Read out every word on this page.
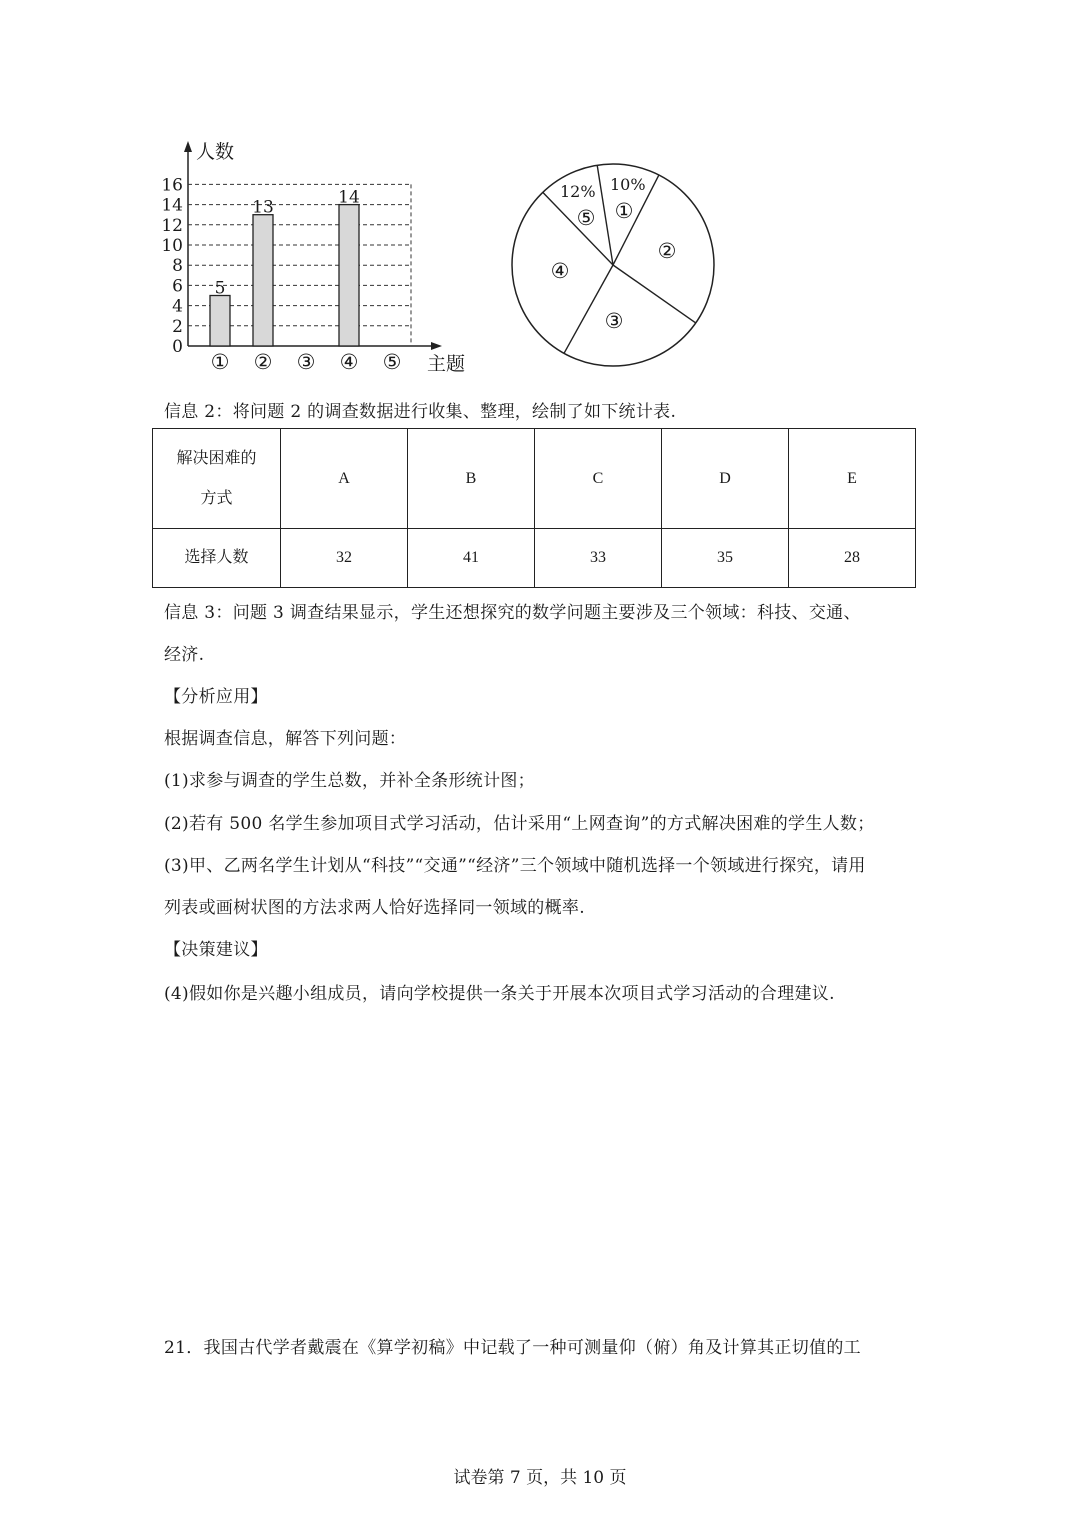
0
2
4
6
8
10
12
14
16
5
13
14
① ② ③ ④ ⑤
人数
主题
①
②
③
④
⑤
12% 10%
信息 2：将问题 2 的调查数据进行收集、整理，绘制了如下统计表.
解决困难的
方式	A	B	C	D	E
选择人数	32	41	33	35	28
信息 3：问题 3 调查结果显示，学生还想探究的数学问题主要涉及三个领域：科技、交通、
经济.
【分析应用】
根据调查信息，解答下列问题：
(1)求参与调查的学生总数，并补全条形统计图；
(2)若有 500 名学生参加项目式学习活动，估计采用“上网查询”的方式解决困难的学生人数；
(3)甲、乙两名学生计划从“科技”“交通”“经济”三个领域中随机选择一个领域进行探究，请用
列表或画树状图的方法求两人恰好选择同一领域的概率.
【决策建议】
(4)假如你是兴趣小组成员，请向学校提供一条关于开展本次项目式学习活动的合理建议.
21．我国古代学者戴震在《算学初稿》中记载了一种可测量仰（俯）角及计算其正切值的工
试卷第 7 页，共 10 页
